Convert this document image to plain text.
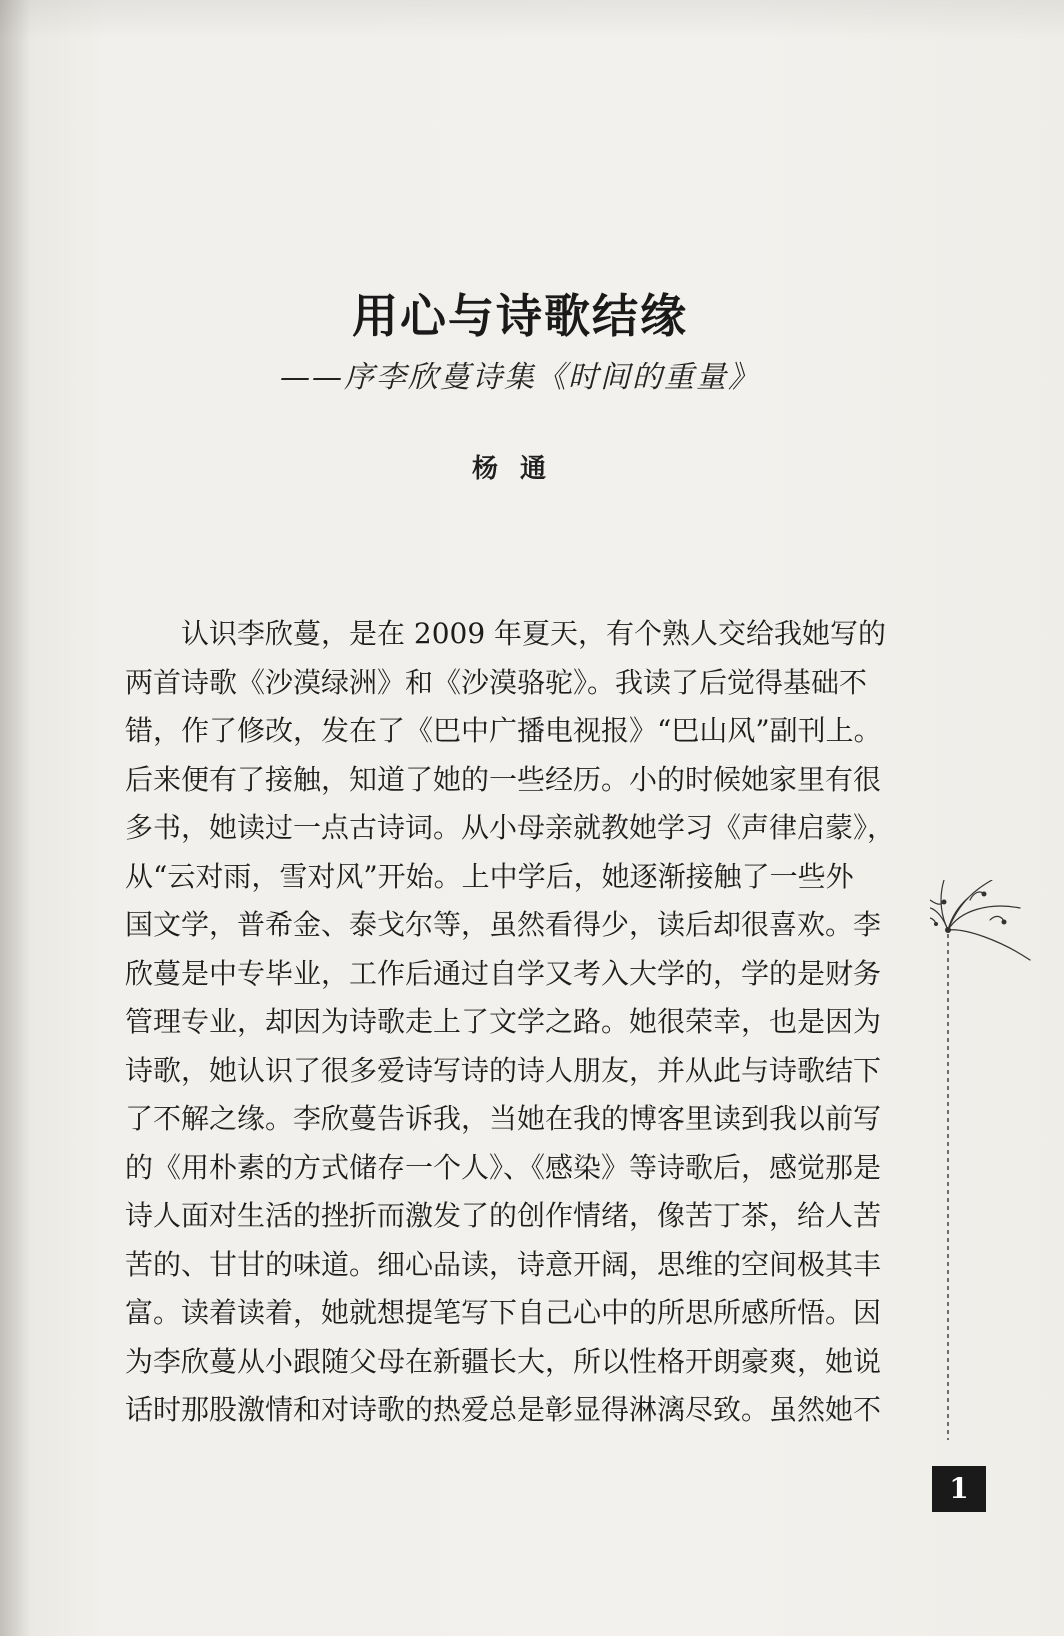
用心与诗歌结缘
——序李欣蔓诗集《时间的重量》
杨通
认识李欣蔓，是在 2009 年夏天，有个熟人交给我她写的
两首诗歌《沙漠绿洲》和《沙漠骆驼》。我读了后觉得基础不
错，作了修改，发在了《巴中广播电视报》“巴山风”副刊上。
后来便有了接触，知道了她的一些经历。小的时候她家里有很
多书，她读过一点古诗词。从小母亲就教她学习《声律启蒙》，
从“云对雨，雪对风”开始。上中学后，她逐渐接触了一些外
国文学，普希金、泰戈尔等，虽然看得少，读后却很喜欢。李
欣蔓是中专毕业，工作后通过自学又考入大学的，学的是财务
管理专业，却因为诗歌走上了文学之路。她很荣幸，也是因为
诗歌，她认识了很多爱诗写诗的诗人朋友，并从此与诗歌结下
了不解之缘。李欣蔓告诉我，当她在我的博客里读到我以前写
的《用朴素的方式储存一个人》、《感染》等诗歌后，感觉那是
诗人面对生活的挫折而激发了的创作情绪，像苦丁茶，给人苦
苦的、甘甘的味道。细心品读，诗意开阔，思维的空间极其丰
富。读着读着，她就想提笔写下自己心中的所思所感所悟。因
为李欣蔓从小跟随父母在新疆长大，所以性格开朗豪爽，她说
话时那股激情和对诗歌的热爱总是彰显得淋漓尽致。虽然她不
1
